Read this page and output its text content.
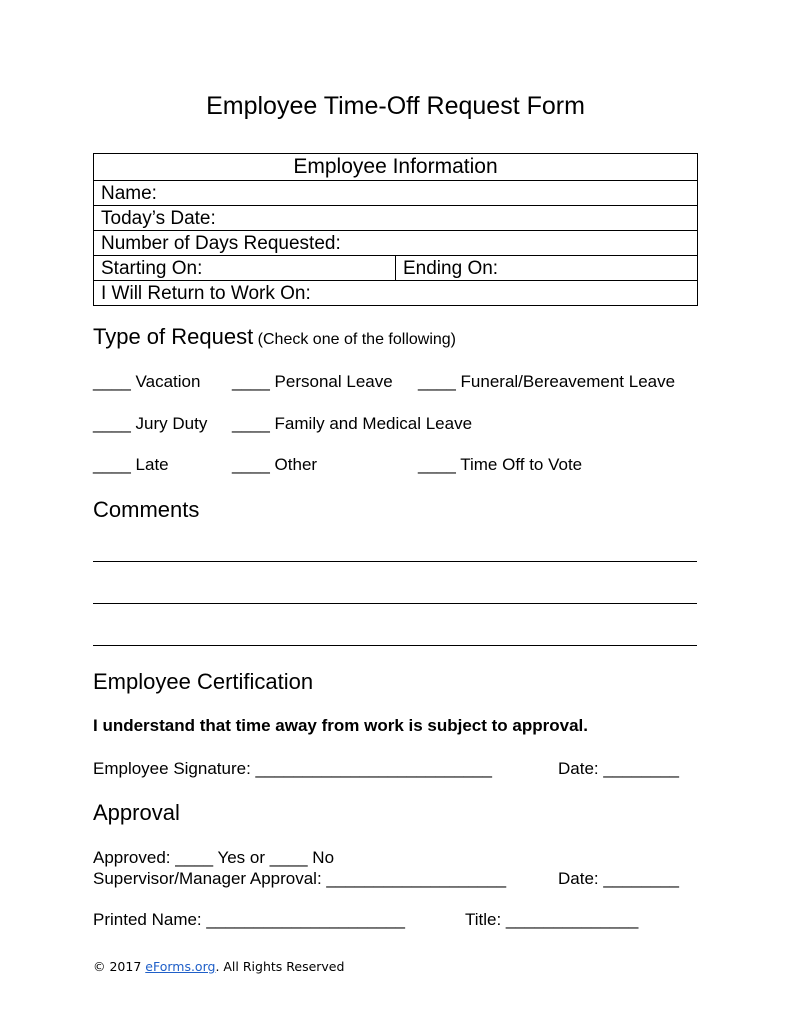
Employee Time-Off Request Form
Employee Information
Name:
Today’s Date:
Number of Days Requested:
Starting On:	Ending On:
I Will Return to Work On:
Type of Request (Check one of the following)
____ Vacation ____ Personal Leave ____ Funeral/Bereavement Leave
____ Jury Duty ____ Family and Medical Leave
____ Late	____ Other	____ Time Off to Vote
Comments
Employee Certification
I understand that time away from work is subject to approval.
Employee Signature: _________________________	Date: ________
Approval
Approved: ____ Yes or ____ No
Supervisor/Manager Approval: ___________________	Date: ________
Printed Name: _____________________	Title: ______________
© 2017 eForms.org. All Rights Reserved
